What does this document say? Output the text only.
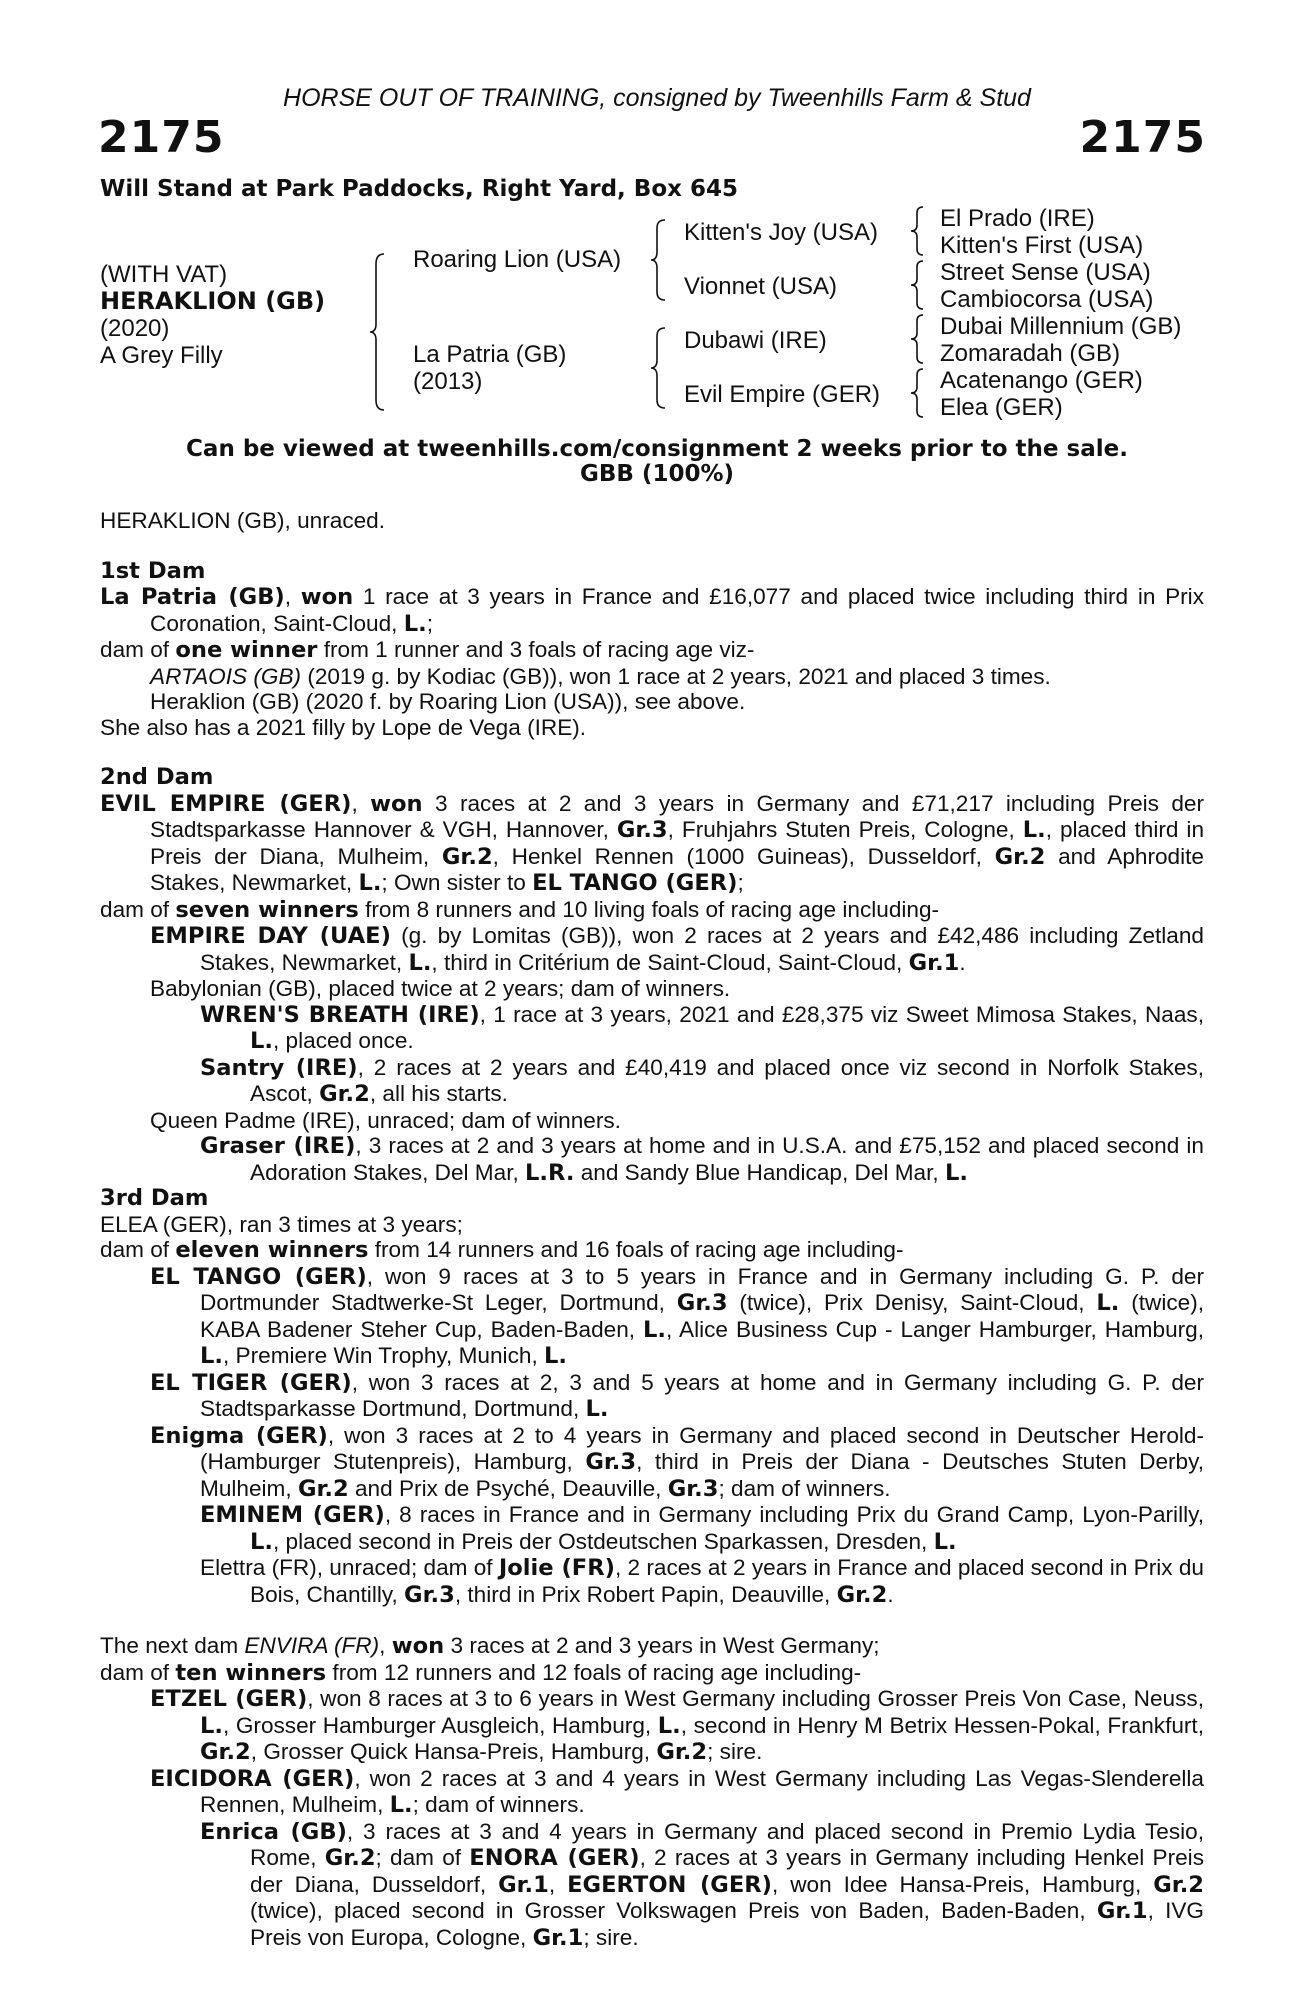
HORSE OUT OF TRAINING, consigned by Tweenhills Farm & Stud
2175	2175
Will Stand at Park Paddocks, Right Yard, Box 645
(WITH VAT)
HERAKLION (GB)
(2020)
A Grey Filly
Roaring Lion (USA)
La Patria (GB)
(2013)
Kitten's Joy (USA)
Vionnet (USA)
Dubawi (IRE)
Evil Empire (GER)
El Prado (IRE)
Kitten's First (USA)
Street Sense (USA)
Cambiocorsa (USA)
Dubai Millennium (GB)
Zomaradah (GB)
Acatenango (GER)
Elea (GER)
Can be viewed at tweenhills.com/consignment 2 weeks prior to the sale.
GBB (100%)

HERAKLION (GB), unraced.

1st Dam

La Patria (GB), won 1 race at 3 years in France and £16,077 and placed twice including third in Prix Coronation, Saint-Cloud, L.;

dam of one winner from 1 runner and 3 foals of racing age viz-

ARTAOIS (GB) (2019 g. by Kodiac (GB)), won 1 race at 2 years, 2021 and placed 3 times.

Heraklion (GB) (2020 f. by Roaring Lion (USA)), see above.

She also has a 2021 filly by Lope de Vega (IRE).

2nd Dam

EVIL EMPIRE (GER), won 3 races at 2 and 3 years in Germany and £71,217 including Preis der Stadtsparkasse Hannover & VGH, Hannover, Gr.3, Fruhjahrs Stuten Preis, Cologne, L., placed third in Preis der Diana, Mulheim, Gr.2, Henkel Rennen (1000 Guineas), Dusseldorf, Gr.2 and Aphrodite Stakes, Newmarket, L.; Own sister to EL TANGO (GER);

dam of seven winners from 8 runners and 10 living foals of racing age including-

EMPIRE DAY (UAE) (g. by Lomitas (GB)), won 2 races at 2 years and £42,486 including Zetland Stakes, Newmarket, L., third in Critérium de Saint-Cloud, Saint-Cloud, Gr.1.

Babylonian (GB), placed twice at 2 years; dam of winners.

WREN'S BREATH (IRE), 1 race at 3 years, 2021 and £28,375 viz Sweet Mimosa Stakes, Naas, L., placed once.

Santry (IRE), 2 races at 2 years and £40,419 and placed once viz second in Norfolk Stakes, Ascot, Gr.2, all his starts.

Queen Padme (IRE), unraced; dam of winners.

Graser (IRE), 3 races at 2 and 3 years at home and in U.S.A. and £75,152 and placed second in Adoration Stakes, Del Mar, L.R. and Sandy Blue Handicap, Del Mar, L.

3rd Dam

ELEA (GER), ran 3 times at 3 years;

dam of eleven winners from 14 runners and 16 foals of racing age including-

EL TANGO (GER), won 9 races at 3 to 5 years in France and in Germany including G. P. der Dortmunder Stadtwerke-St Leger, Dortmund, Gr.3 (twice), Prix Denisy, Saint-Cloud, L. (twice), KABA Badener Steher Cup, Baden-Baden, L., Alice Business Cup - Langer Hamburger, Hamburg, L., Premiere Win Trophy, Munich, L.

EL TIGER (GER), won 3 races at 2, 3 and 5 years at home and in Germany including G. P. der Stadtsparkasse Dortmund, Dortmund, L.

Enigma (GER), won 3 races at 2 to 4 years in Germany and placed second in Deutscher Herold-(Hamburger Stutenpreis), Hamburg, Gr.3, third in Preis der Diana - Deutsches Stuten Derby, Mulheim, Gr.2 and Prix de Psyché, Deauville, Gr.3; dam of winners.

EMINEM (GER), 8 races in France and in Germany including Prix du Grand Camp, Lyon-Parilly, L., placed second in Preis der Ostdeutschen Sparkassen, Dresden, L.

Elettra (FR), unraced; dam of Jolie (FR), 2 races at 2 years in France and placed second in Prix du Bois, Chantilly, Gr.3, third in Prix Robert Papin, Deauville, Gr.2.

The next dam ENVIRA (FR), won 3 races at 2 and 3 years in West Germany;

dam of ten winners from 12 runners and 12 foals of racing age including-

ETZEL (GER), won 8 races at 3 to 6 years in West Germany including Grosser Preis Von Case, Neuss, L., Grosser Hamburger Ausgleich, Hamburg, L., second in Henry M Betrix Hessen-Pokal, Frankfurt, Gr.2, Grosser Quick Hansa-Preis, Hamburg, Gr.2; sire.

EICIDORA (GER), won 2 races at 3 and 4 years in West Germany including Las Vegas-Slenderella Rennen, Mulheim, L.; dam of winners.

Enrica (GB), 3 races at 3 and 4 years in Germany and placed second in Premio Lydia Tesio, Rome, Gr.2; dam of ENORA (GER), 2 races at 3 years in Germany including Henkel Preis der Diana, Dusseldorf, Gr.1, EGERTON (GER), won Idee Hansa-Preis, Hamburg, Gr.2 (twice), placed second in Grosser Volkswagen Preis von Baden, Baden-Baden, Gr.1, IVG Preis von Europa, Cologne, Gr.1; sire.
